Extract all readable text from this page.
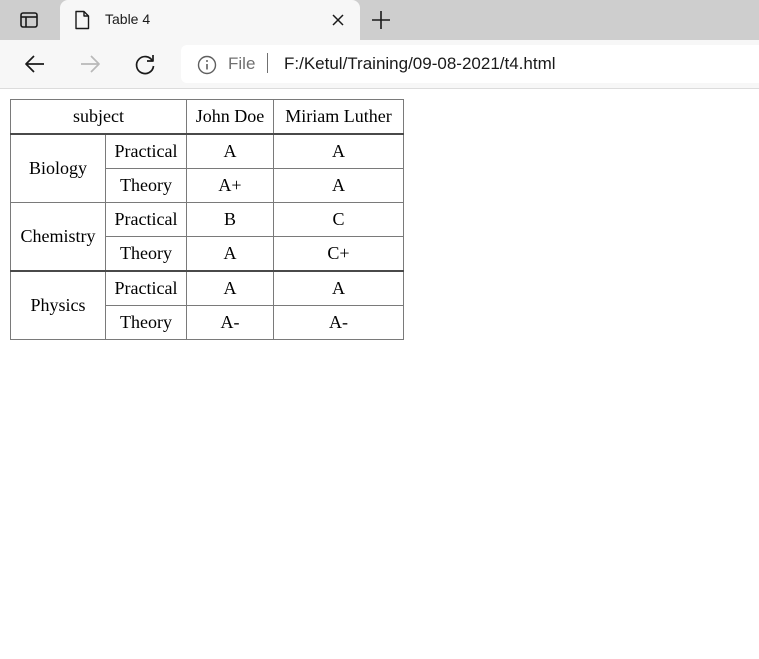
Table 4
File F:/Ketul/Training/09-08-2021/t4.html
subject		John Doe	Miriam Luther
Biology	Practical	A	A
	Theory	A+	A
Chemistry	Practical	B	C
	Theory	A	C+
Physics	Practical	A	A
	Theory	A-	A-
